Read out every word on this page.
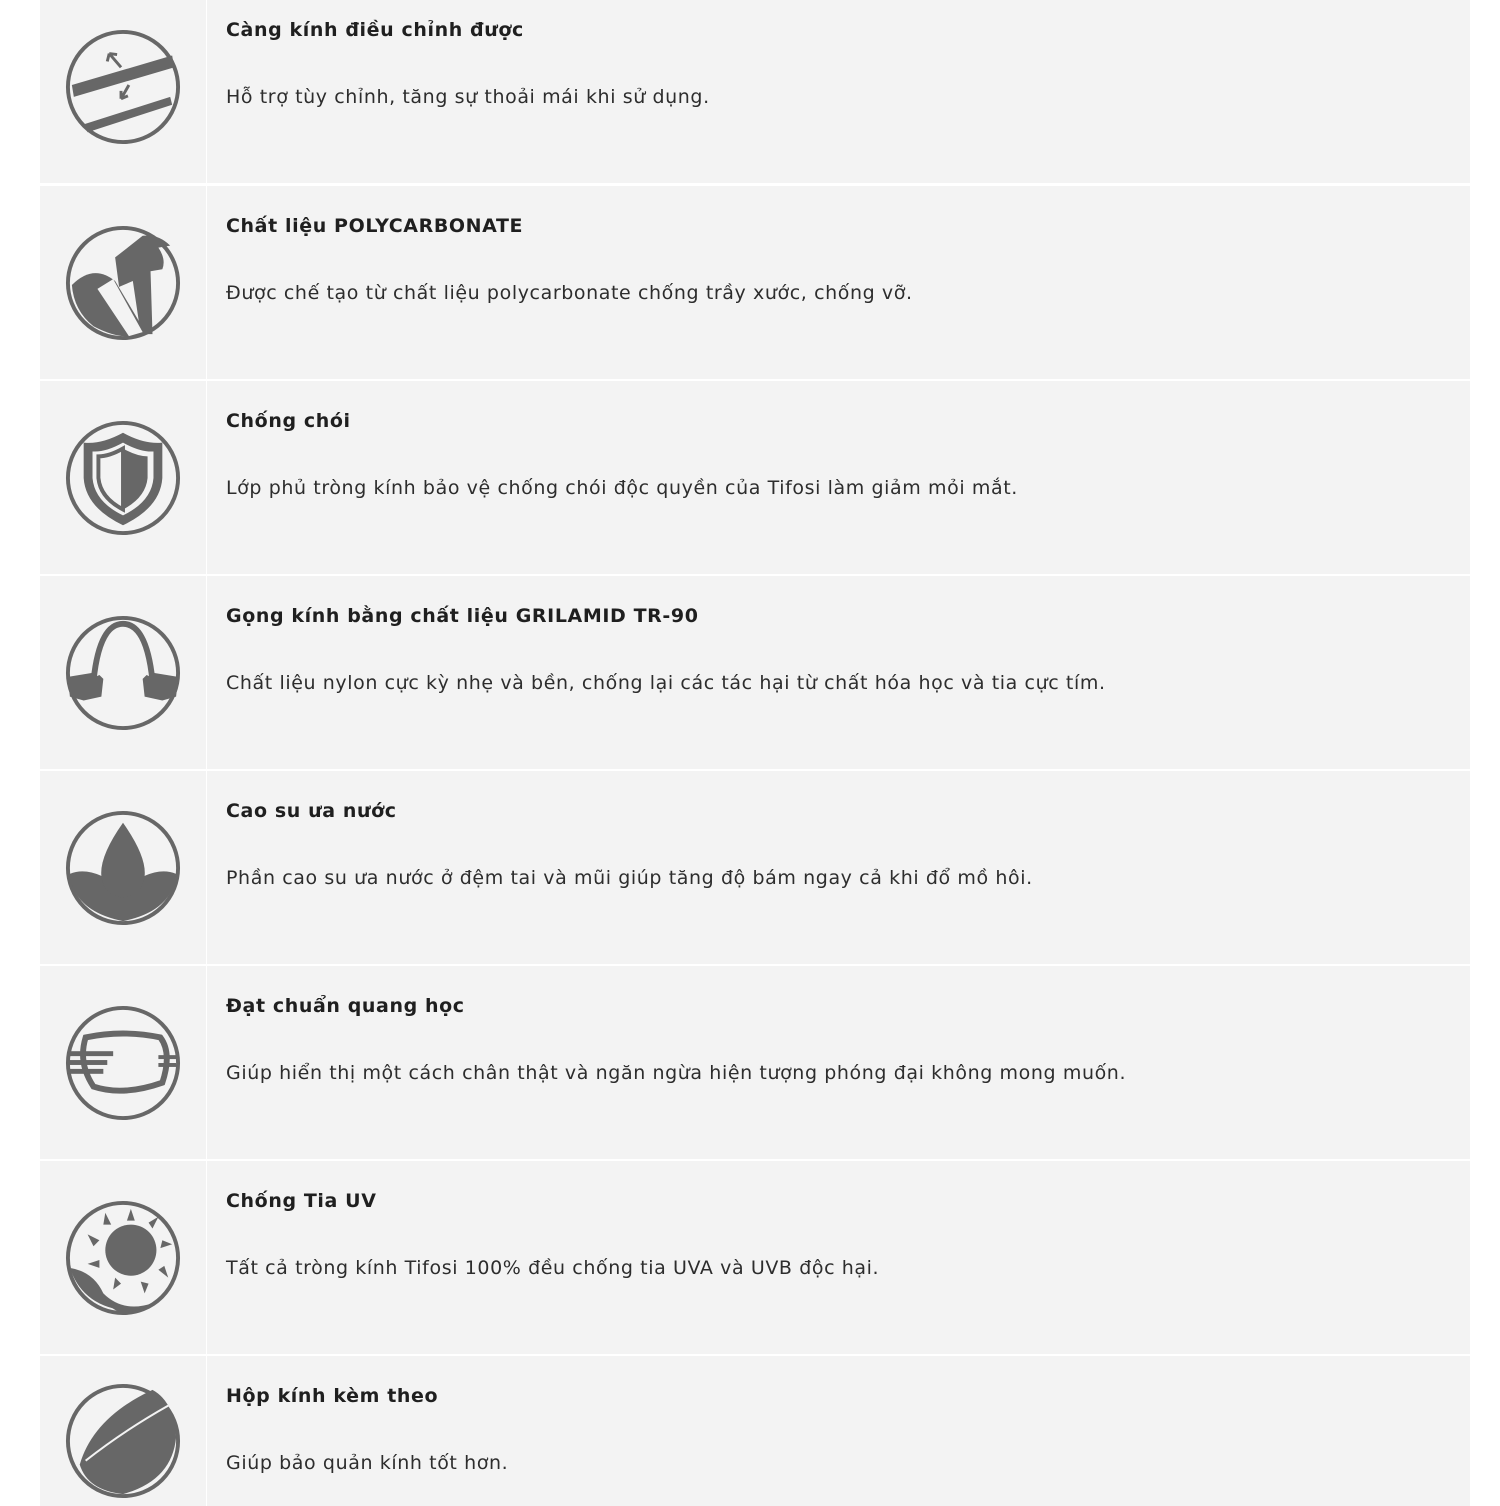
Càng kính điều chỉnh được
Hỗ trợ tùy chỉnh, tăng sự thoải mái khi sử dụng.
Chất liệu POLYCARBONATE
Được chế tạo từ chất liệu polycarbonate chống trầy xước, chống vỡ.
Chống chói
Lớp phủ tròng kính bảo vệ chống chói độc quyền của Tifosi làm giảm mỏi mắt.
Gọng kính bằng chất liệu GRILAMID TR-90
Chất liệu nylon cực kỳ nhẹ và bền, chống lại các tác hại từ chất hóa học và tia cực tím.
Cao su ưa nước
Phần cao su ưa nước ở đệm tai và mũi giúp tăng độ bám ngay cả khi đổ mồ hôi.
Đạt chuẩn quang học
Giúp hiển thị một cách chân thật và ngăn ngừa hiện tượng phóng đại không mong muốn.
Chống Tia UV
Tất cả tròng kính Tifosi 100% đều chống tia UVA và UVB độc hại.
Hộp kính kèm theo
Giúp bảo quản kính tốt hơn.
